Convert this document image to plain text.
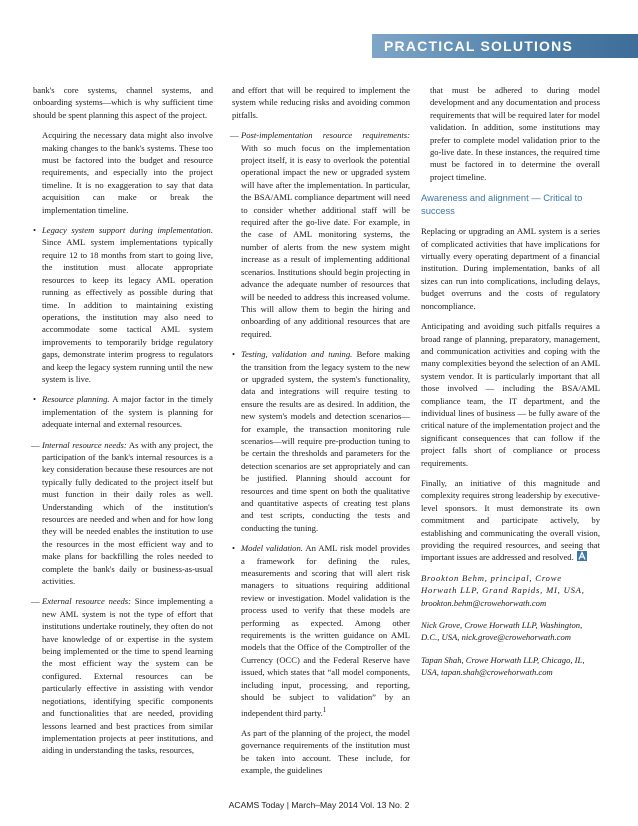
PRACTICAL SOLUTIONS

bank's core systems, channel systems, and onboarding systems—which is why sufficient time should be spent planning this aspect of the project.

Acquiring the necessary data might also involve making changes to the bank's systems. These too must be factored into the budget and resource requirements, and especially into the project timeline. It is no exaggeration to say that data acquisition can make or break the implementation timeline.

• Legacy system support during implementation. Since AML system implementations typically require 12 to 18 months from start to going live, the institution must allocate appropriate resources to keep its legacy AML operation running as effectively as possible during that time. In addition to maintaining existing operations, the institution may also need to accommodate some tactical AML system improvements to temporarily bridge regulatory gaps, demonstrate interim progress to regulators and keep the legacy system running until the new system is live.
• Resource planning. A major factor in the timely implementation of the system is planning for adequate internal and external resources.
— Internal resource needs: As with any project, the participation of the bank's internal resources is a key consideration because these resources are not typically fully dedicated to the project itself but must function in their daily roles as well. Understanding which of the institution's resources are needed and when and for how long they will be needed enables the institution to use the resources in the most efficient way and to make plans for backfilling the roles needed to complete the bank's daily or business-as-usual activities.
— External resource needs: Since implementing a new AML system is not the type of effort that institutions undertake routinely, they often do not have knowledge of or expertise in the system being implemented or the time to spend learning the most efficient way the system can be configured. External resources can be particularly effective in assisting with vendor negotiations, identifying specific components and functionalities that are needed, providing lessons learned and best practices from similar implementation projects at peer institutions, and aiding in understanding the tasks, resources,

and effort that will be required to implement the system while reducing risks and avoiding common pitfalls.

— Post-implementation resource requirements: With so much focus on the implementation project itself, it is easy to overlook the potential operational impact the new or upgraded system will have after the implementation. In particular, the BSA/AML compliance department will need to consider whether additional staff will be required after the go-live date. For example, in the case of AML monitoring systems, the number of alerts from the new system might increase as a result of implementing additional scenarios. Institutions should begin projecting in advance the adequate number of resources that will be needed to address this increased volume. This will allow them to begin the hiring and onboarding of any additional resources that are required.
• Testing, validation and tuning. Before making the transition from the legacy system to the new or upgraded system, the system's functionality, data and integrations will require testing to ensure the results are as desired. In addition, the new system's models and detection scenarios—for example, the transaction monitoring rule scenarios—will require pre-production tuning to be certain the thresholds and parameters for the detection scenarios are set appropriately and can be justified. Planning should account for resources and time spent on both the qualitative and quantitative aspects of creating test plans and test scripts, conducting the tests and conducting the tuning.
• Model validation. An AML risk model provides a framework for defining the rules, measurements and scoring that will alert risk managers to situations requiring additional review or investigation. Model validation is the process used to verify that these models are performing as expected. Among other requirements is the written guidance on AML models that the Office of the Comptroller of the Currency (OCC) and the Federal Reserve have issued, which states that “all model components, including input, processing, and reporting, should be subject to validation” by an independent third party.$^1$

As part of the planning of the project, the model governance requirements of the institution must be taken into account. These include, for example, the guidelines

that must be adhered to during model development and any documentation and process requirements that will be required later for model validation. In addition, some institutions may prefer to complete model validation prior to the go-live date. In these instances, the required time must be factored in to determine the overall project timeline.

Awareness and alignment — Critical to success

Replacing or upgrading an AML system is a series of complicated activities that have implications for virtually every operating department of a financial institution. During implementation, banks of all sizes can run into complications, including delays, budget overruns and the costs of regulatory noncompliance.

Anticipating and avoiding such pitfalls requires a broad range of planning, preparatory, management, and communication activities and coping with the many complexities beyond the selection of an AML system vendor. It is particularly important that all those involved — including the BSA/AML compliance team, the IT department, and the individual lines of business — be fully aware of the critical nature of the implementation project and the significant consequences that can follow if the project falls short of compliance or process requirements.

Finally, an initiative of this magnitude and complexity requires strong leadership by executive-level sponsors. It must demonstrate its own commitment and participate actively, by establishing and communicating the overall vision, providing the required resources, and seeing that important issues are addressed and resolved.

Brookton Behm, principal, Crowe Horwath LLP, Grand Rapids, MI, USA,
brookton.behm@crowehorwath.com
Nick Grove, Crowe Horwath LLP, Washington, D.C., USA, nick.grove@crowehorwath.com
Tapan Shah, Crowe Horwath LLP, Chicago, IL, USA, tapan.shah@crowehorwath.com
ACAMS Today | March–May 2014 Vol. 13 No. 2
